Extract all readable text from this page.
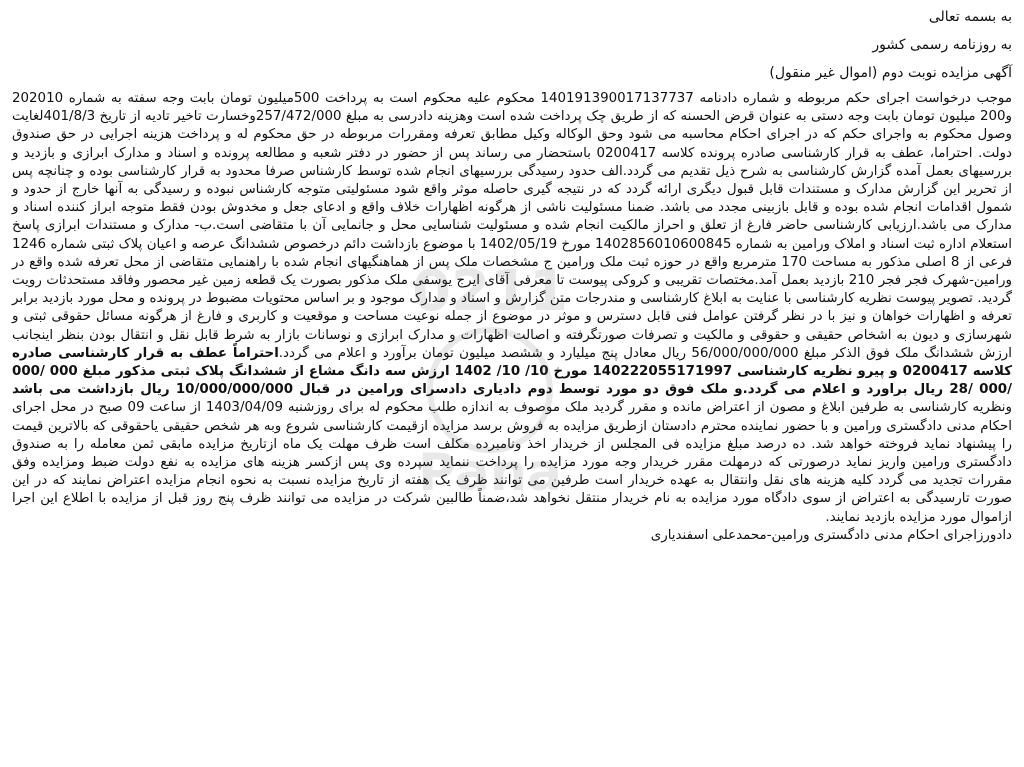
به بسمه تعالی
به روزنامه رسمی کشور
آگهی مزایده نوبت دوم (اموال غیر منقول)

موجب درخواست اجرای حکم مربوطه و شماره دادنامه 140191390017137737 محکوم علیه محکوم است به پرداخت 500میلیون تومان بابت وجه سفته به شماره 202010 و200 میلیون تومان بابت وجه دستی به عنوان قرض الحسنه که از طریق چک پرداخت شده است وهزینه دادرسی به مبلغ 257/472/000وخسارت تاخیر تادیه از تاریخ 401/8/3لغایت وصول محکوم به واجرای حکم که در اجرای احکام محاسبه می شود وحق الوکاله وکیل مطابق تعرفه ومقررات مربوطه در حق محکوم له و پرداخت هزینه اجرایی در حق صندوق دولت. احتراما، عطف به قرار کارشناسی صادره پرونده کلاسه 0200417 باستحضار می رساند پس از حضور در دفتر شعبه و مطالعه پرونده و اسناد و مدارک ابرازی و بازدید و بررسیهای بعمل آمده گزارش کارشناسی به شرح ذیل تقدیم می گردد.الف حدود رسیدگی بررسیهای انجام شده توسط کارشناس صرفا محدود به قرار کارشناسی بوده و چنانچه پس از تحریر این گزارش مدارک و مستندات قابل قبول دیگری ارائه گردد که در نتیجه گیری حاصله موثر واقع شود مسئولیتی متوجه کارشناس نبوده و رسیدگی به آنها خارج از حدود و شمول اقدامات انجام شده بوده و قابل بازبینی مجدد می باشد. ضمنا مسئولیت ناشی از هرگونه اظهارات خلاف واقع و ادعای جعل و مخدوش بودن فقط متوجه ابراز کننده اسناد و مدارک می باشد.ارزیابی کارشناسی حاضر فارغ از تعلق و احراز مالکیت انجام شده و مسئولیت شناسایی محل و جانمایی آن با متقاضی است.ب- مدارک و مستندات ابرازی پاسخ استعلام اداره ثبت اسناد و املاک ورامین به شماره 1402856010600845 مورخ 1402/05/19 با موضوع بازداشت دائم درخصوص ششدانگ عرصه و اعیان پلاک ثبتی شماره 1246 فرعی از 8 اصلی مذکور به مساحت 170 مترمربع واقع در حوزه ثبت ملک ورامین ج مشخصات ملک پس از هماهنگیهای انجام شده با راهنمایی متقاضی از محل تعرفه شده واقع در ورامین-شهرک فجر فجر 210 بازدید بعمل آمد.مختصات تقریبی و کروکی پیوست تا معرفی آقای ایرج یوسفی ملک مذکور بصورت یک قطعه زمین غیر محصور وفاقد مستحدثات رویت گردید. تصویر پیوست نظریه کارشناسی با عنایت به ابلاغ کارشناسی و مندرجات متن گزارش و اسناد و مدارک موجود و بر اساس محتویات مضبوط در پرونده و محل مورد بازدید برابر تعرفه و اظهارات خواهان و نیز با در نظر گرفتن عوامل فنی قابل دسترس و موثر در موضوع از جمله نوعیت مساحت و موقعیت و کاربری و فارغ از هرگونه مسائل حقوقی ثبتی و شهرسازی و دیون به اشخاص حقیقی و حقوقی و مالکیت و تصرفات صورتگرفته و اصالت اظهارات و مدارک ابرازی و نوسانات بازار به شرط قابل نقل و انتقال بودن بنظر اینجانب ارزش ششدانگ ملک فوق الذکر مبلغ 56/000/000/000 ریال معادل پنج میلیارد و ششصد میلیون تومان برآورد و اعلام می گردد.احتراماً عطف به قرار کارشناسی صادره کلاسه 0200417 و پیرو نظریه کارشناسی 140222055171997 مورخ 10/ 10/ 1402 ارزش سه دانگ مشاع از ششدانگ پلاک ثبتی مذکور مبلغ 000 /000 /000 /28 ریال براورد و اعلام می گردد.و ملک فوق دو مورد توسط دوم دادیاری دادسرای ورامین در قبال 10/000/000/000 ریال بازداشت می باشد ونظریه کارشناسی به طرفین ابلاغ و مصون از اعتراض مانده و مقرر گردید ملک موصوف به اندازه طلب محکوم له برای روزشنبه 1403/04/09 از ساعت 09 صبح در محل اجرای احکام مدنی دادگستری ورامین و با حضور نماینده محترم دادستان ازطریق مزایده به فروش برسد مزایده ازقیمت کارشناسی شروع وبه هر شخص حقیقی یاحقوقی که بالاترین قیمت را پیشنهاد نماید فروخته خواهد شد. ده درصد مبلغ مزایده فی المجلس از خریدار اخذ ونامبرده مکلف است ظرف مهلت یک ماه ازتاریخ مزایده مابقی ثمن معامله را به صندوق دادگستری ورامین واریز نماید درصورتی که درمهلت مقرر خریدار وجه مورد مزایده را پرداخت ننماید سپرده وی پس ازکسر هزینه های مزایده به نفع دولت ضبط ومزایده وفق مقررات تجدید می گردد کلیه هزینه های نقل وانتقال به عهده خریدار است طرفین می توانند ظرف یک هفته از تاریخ مزایده نسبت به نحوه انجام مزایده اعتراض نمایند که در این صورت تارسیدگی به اعتراض از سوی دادگاه مورد مزایده به نام خریدار منتقل نخواهد شد،ضمناً طالبین شرکت در مزایده می توانند ظرف پنج روز قبل از مزایده با اطلاع این اجرا ازاموال مورد مزایده بازدید نمایند.

دادورزاجرای احکام مدنی دادگستری ورامین-محمدعلی اسفندیاری
0211
Pana
